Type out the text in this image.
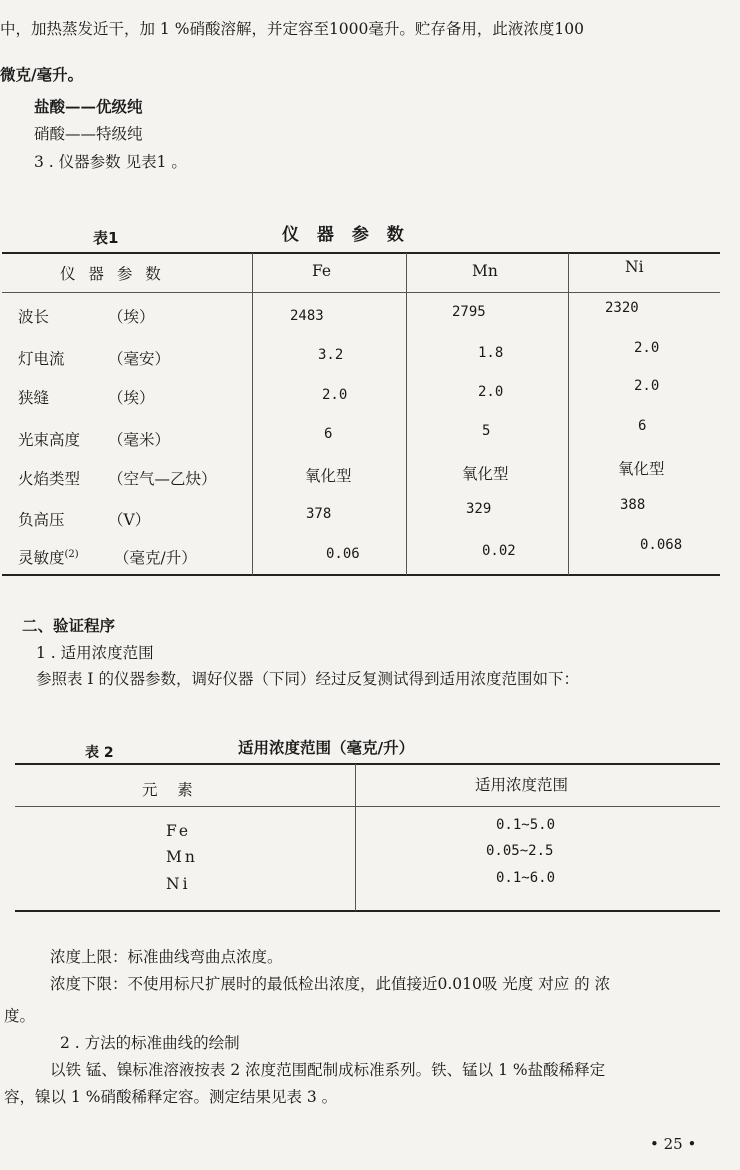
中，加热蒸发近干，加 1 %硝酸溶解，并定容至1000毫升。贮存备用，此液浓度100
微克/毫升。
盐酸——优级纯
硝酸——特级纯
3 . 仪器参数 见表1 。
表1	仪 器 参 数
仪 器 参 数	Fe	Mn	Ni
波长	（埃）	2483	2795	2320
灯电流	（毫安）	3.2	1.8	2.0
狭缝	（埃）	2.0	2.0	2.0
光束高度 （毫米）	6	5	6
火焰类型 （空气—乙炔）	氧化型	氧化型	氧化型
负高压	（V）	378	329	388
灵敏度$^{(2)}$ （毫克/升）	0.06	0.02	0.068
二、验证程序
1 . 适用浓度范围
参照表 I 的仪器参数，调好仪器（下同）经过反复测试得到适用浓度范围如下：
表 2	适用浓度范围（毫克/升）
元    素	适用浓度范围
Fe	0.1~5.0
Mn	0.05~2.5
Ni	0.1~6.0
浓度上限：标准曲线弯曲点浓度。
浓度下限：不使用标尺扩展时的最低检出浓度，此值接近0.010吸 光度 对应 的 浓
度。
2 . 方法的标准曲线的绘制
以铁 锰、镍标准溶液按表 2 浓度范围配制成标准系列。铁、锰以 1 %盐酸稀释定
容，镍以 1 %硝酸稀释定容。测定结果见表 3 。
• 25 •
